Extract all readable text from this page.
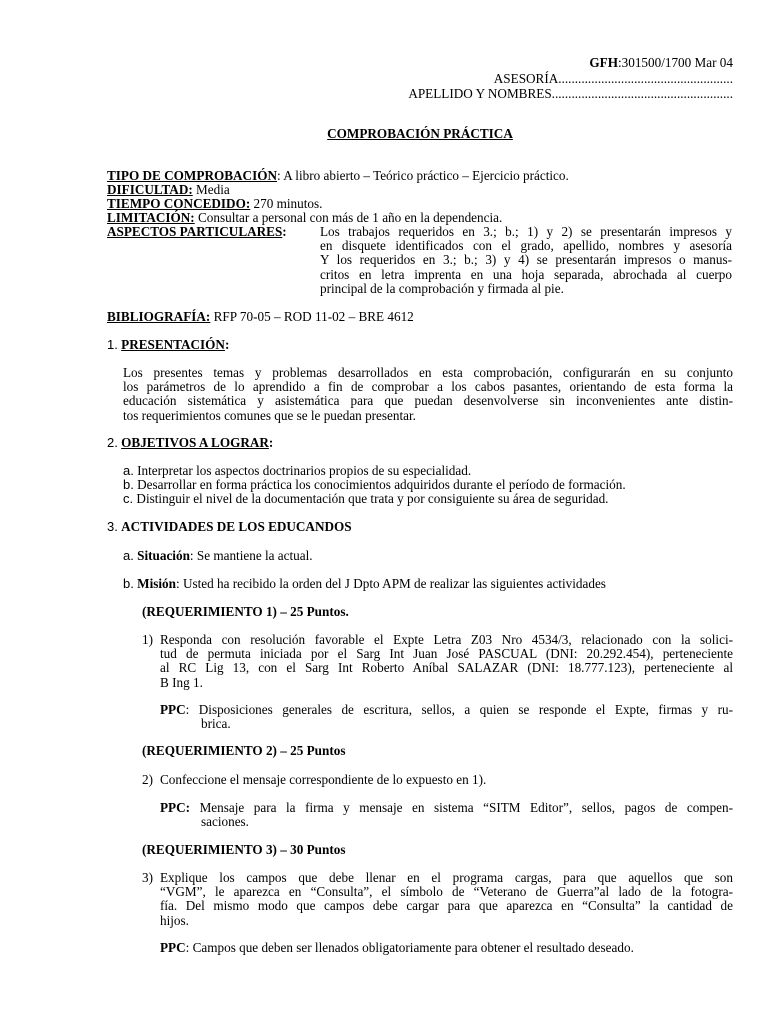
GFH:301500/1700 Mar 04
ASESORÍA.....................................................
APELLIDO Y NOMBRES.......................................................
COMPROBACIÓN PRÁCTICA
TIPO DE COMPROBACIÓN: A libro abierto – Teórico práctico – Ejercicio práctico.
DIFICULTAD: Media
TIEMPO CONCEDIDO: 270 minutos.
LIMITACIÓN: Consultar a personal con más de 1 año en la dependencia.
ASPECTOS PARTICULARES:	Los trabajos requeridos en 3.; b.; 1) y 2) se presentarán impresos y
en disquete identificados con el grado, apellido, nombres y asesoría
Y los requeridos en 3.; b.; 3) y 4) se presentarán impresos o manus-
critos en letra imprenta en una hoja separada, abrochada al cuerpo
principal de la comprobación y firmada al pie.
BIBLIOGRAFÍA: RFP 70-05 – ROD 11-02 – BRE 4612
1. PRESENTACIÓN:
Los presentes temas y problemas desarrollados en esta comprobación, configurarán en su conjunto
los parámetros de lo aprendido a fin de comprobar a los cabos pasantes, orientando de esta forma la
educación sistemática y asistemática para que puedan desenvolverse sin inconvenientes ante distin-
tos requerimientos comunes que se le puedan presentar.
2. OBJETIVOS A LOGRAR:
a. Interpretar los aspectos doctrinarios propios de su especialidad.
b. Desarrollar en forma práctica los conocimientos adquiridos durante el período de formación.
c. Distinguir el nivel de la documentación que trata y por consiguiente su área de seguridad.
3. ACTIVIDADES DE LOS EDUCANDOS
a. Situación: Se mantiene la actual.
b. Misión: Usted ha recibido la orden del J Dpto APM de realizar las siguientes actividades
(REQUERIMIENTO 1) – 25 Puntos.
1) Responda con resolución favorable el Expte Letra Z03 Nro 4534/3, relacionado con la solici-
tud de permuta iniciada por el Sarg Int Juan José PASCUAL (DNI: 20.292.454), perteneciente
al RC Lig 13, con el Sarg Int Roberto Aníbal SALAZAR (DNI: 18.777.123), perteneciente al
B Ing 1.
PPC: Disposiciones generales de escritura, sellos, a quien se responde el Expte, firmas y ru-
brica.
(REQUERIMIENTO 2) – 25 Puntos
2) Confeccione el mensaje correspondiente de lo expuesto en 1).
PPC: Mensaje para la firma y mensaje en sistema “SITM Editor”, sellos, pagos de compen-
saciones.
(REQUERIMIENTO 3) – 30 Puntos
3) Explique los campos que debe llenar en el programa cargas, para que aquellos que son
“VGM”, le aparezca en “Consulta”, el símbolo de “Veterano de Guerra”al lado de la fotogra-
fía. Del mismo modo que campos debe cargar para que aparezca en “Consulta” la cantidad de
hijos.
PPC: Campos que deben ser llenados obligatoriamente para obtener el resultado deseado.
